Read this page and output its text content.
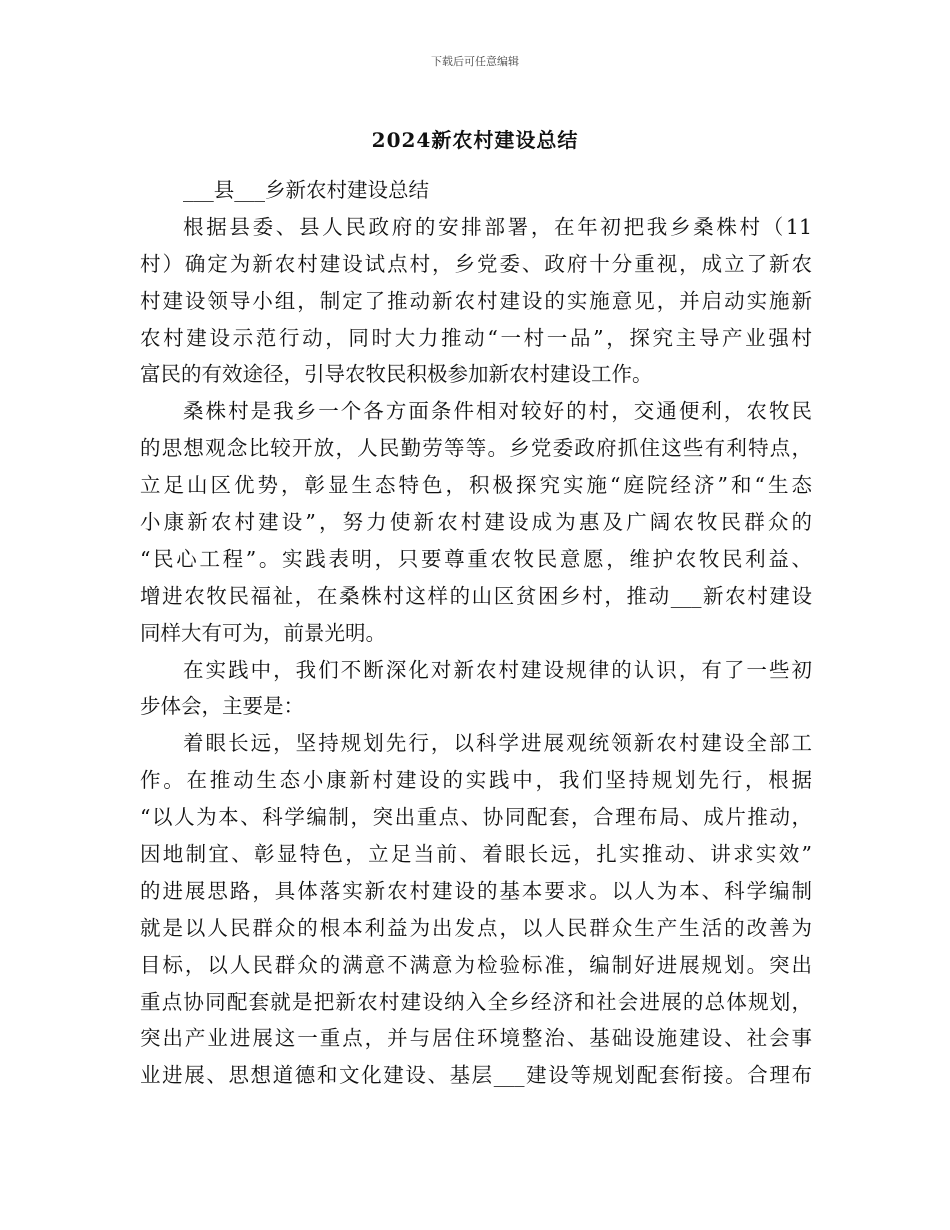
下载后可任意编辑
2024新农村建设总结
___县___乡新农村建设总结
根据县委、县人民政府的安排部署，在年初把我乡桑株村（11
村）确定为新农村建设试点村，乡党委、政府十分重视，成立了新农
村建设领导小组，制定了推动新农村建设的实施意见，并启动实施新
农村建设示范行动，同时大力推动“一村一品”，探究主导产业强村
富民的有效途径，引导农牧民积极参加新农村建设工作。
桑株村是我乡一个各方面条件相对较好的村，交通便利，农牧民
的思想观念比较开放，人民勤劳等等。乡党委政府抓住这些有利特点，
立足山区优势，彰显生态特色，积极探究实施“庭院经济”和“生态
小康新农村建设”，努力使新农村建设成为惠及广阔农牧民群众的
“民心工程”。实践表明，只要尊重农牧民意愿，维护农牧民利益、
增进农牧民福祉，在桑株村这样的山区贫困乡村，推动___新农村建设
同样大有可为，前景光明。
在实践中，我们不断深化对新农村建设规律的认识，有了一些初
步体会，主要是：
着眼长远，坚持规划先行，以科学进展观统领新农村建设全部工
作。在推动生态小康新村建设的实践中，我们坚持规划先行，根据
“以人为本、科学编制，突出重点、协同配套，合理布局、成片推动，
因地制宜、彰显特色，立足当前、着眼长远，扎实推动、讲求实效”
的进展思路，具体落实新农村建设的基本要求。以人为本、科学编制
就是以人民群众的根本利益为出发点，以人民群众生产生活的改善为
目标，以人民群众的满意不满意为检验标准，编制好进展规划。突出
重点协同配套就是把新农村建设纳入全乡经济和社会进展的总体规划，
突出产业进展这一重点，并与居住环境整治、基础设施建设、社会事
业进展、思想道德和文化建设、基层___建设等规划配套衔接。合理布
